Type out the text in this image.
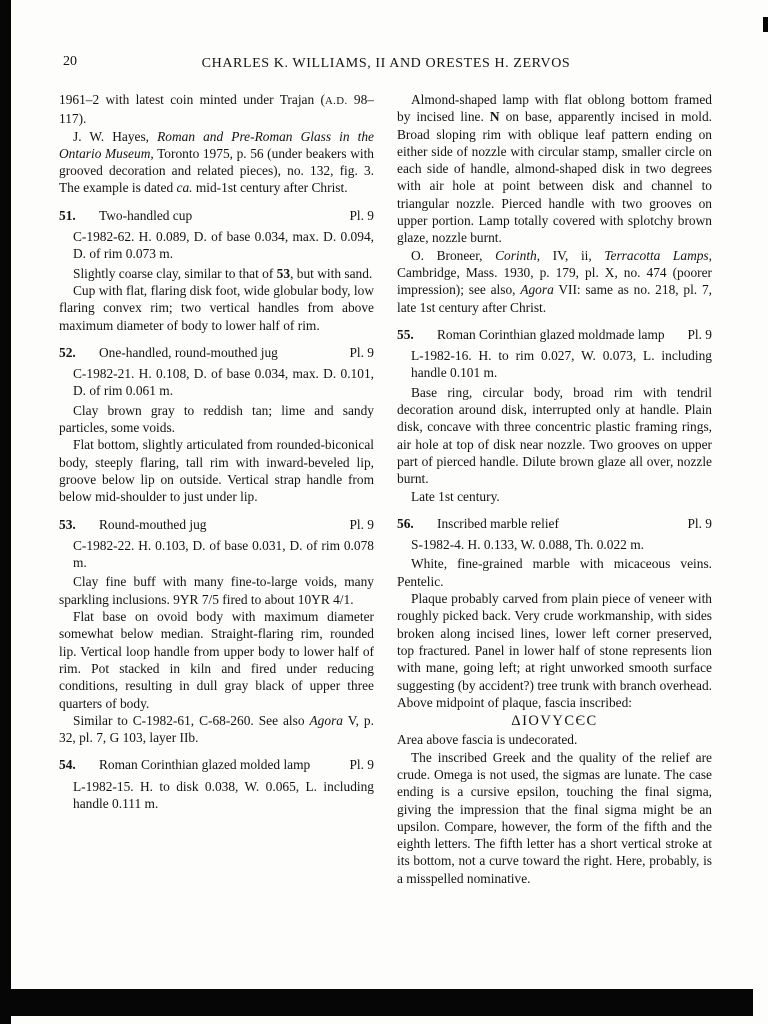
20	CHARLES K. WILLIAMS, II AND ORESTES H. ZERVOS

1961–2 with latest coin minted under Trajan (A.D. 98–117).

J. W. Hayes, Roman and Pre-Roman Glass in the Ontario Museum, Toronto 1975, p. 56 (under beakers with grooved decoration and related pieces), no. 132, fig. 3. The example is dated ca. mid-1st century after Christ.

51.	Two-handled cup	Pl. 9

C-1982-62. H. 0.089, D. of base 0.034, max. D. 0.094, D. of rim 0.073 m.

Slightly coarse clay, similar to that of 53, but with sand.

Cup with flat, flaring disk foot, wide globular body, low flaring convex rim; two vertical handles from above maximum diameter of body to lower half of rim.

52.	One-handled, round-mouthed jug	Pl. 9

C-1982-21. H. 0.108, D. of base 0.034, max. D. 0.101, D. of rim 0.061 m.

Clay brown gray to reddish tan; lime and sandy particles, some voids.

Flat bottom, slightly articulated from rounded-biconical body, steeply flaring, tall rim with inward-beveled lip, groove below lip on outside. Vertical strap handle from below mid-shoulder to just under lip.

53.	Round-mouthed jug	Pl. 9

C-1982-22. H. 0.103, D. of base 0.031, D. of rim 0.078 m.

Clay fine buff with many fine-to-large voids, many sparkling inclusions. 9YR 7/5 fired to about 10YR 4/1.

Flat base on ovoid body with maximum diameter somewhat below median. Straight-flaring rim, rounded lip. Vertical loop handle from upper body to lower half of rim. Pot stacked in kiln and fired under reducing conditions, resulting in dull gray black of upper three quarters of body.

Similar to C-1982-61, C-68-260. See also Agora V, p. 32, pl. 7, G 103, layer IIb.

54.	Roman Corinthian glazed molded lamp	Pl. 9

L-1982-15. H. to disk 0.038, W. 0.065, L. including handle 0.111 m.

Almond-shaped lamp with flat oblong bottom framed by incised line. N on base, apparently incised in mold. Broad sloping rim with oblique leaf pattern ending on either side of nozzle with circular stamp, smaller circle on each side of handle, almond-shaped disk in two degrees with air hole at point between disk and channel to triangular nozzle. Pierced handle with two grooves on upper portion. Lamp totally covered with splotchy brown glaze, nozzle burnt.

O. Broneer, Corinth, IV, ii, Terracotta Lamps, Cambridge, Mass. 1930, p. 179, pl. X, no. 474 (poorer impression); see also, Agora VII: same as no. 218, pl. 7, late 1st century after Christ.

55.	Roman Corinthian glazed moldmade lamp	Pl. 9

L-1982-16. H. to rim 0.027, W. 0.073, L. including handle 0.101 m.

Base ring, circular body, broad rim with tendril decoration around disk, interrupted only at handle. Plain disk, concave with three concentric plastic framing rings, air hole at top of disk near nozzle. Two grooves on upper part of pierced handle. Dilute brown glaze all over, nozzle burnt.

Late 1st century.

56.	Inscribed marble relief	Pl. 9

S-1982-4. H. 0.133, W. 0.088, Th. 0.022 m.

White, fine-grained marble with micaceous veins. Pentelic.

Plaque probably carved from plain piece of veneer with roughly picked back. Very crude workmanship, with sides broken along incised lines, lower left corner preserved, top fractured. Panel in lower half of stone represents lion with mane, going left; at right unworked smooth surface suggesting (by accident?) tree trunk with branch overhead. Above midpoint of plaque, fascia inscribed:

ΔΙΟVYCЄC

Area above fascia is undecorated.

The inscribed Greek and the quality of the relief are crude. Omega is not used, the sigmas are lunate. The case ending is a cursive epsilon, touching the final sigma, giving the impression that the final sigma might be an upsilon. Compare, however, the form of the fifth and the eighth letters. The fifth letter has a short vertical stroke at its bottom, not a curve toward the right. Here, probably, is a misspelled nominative.
